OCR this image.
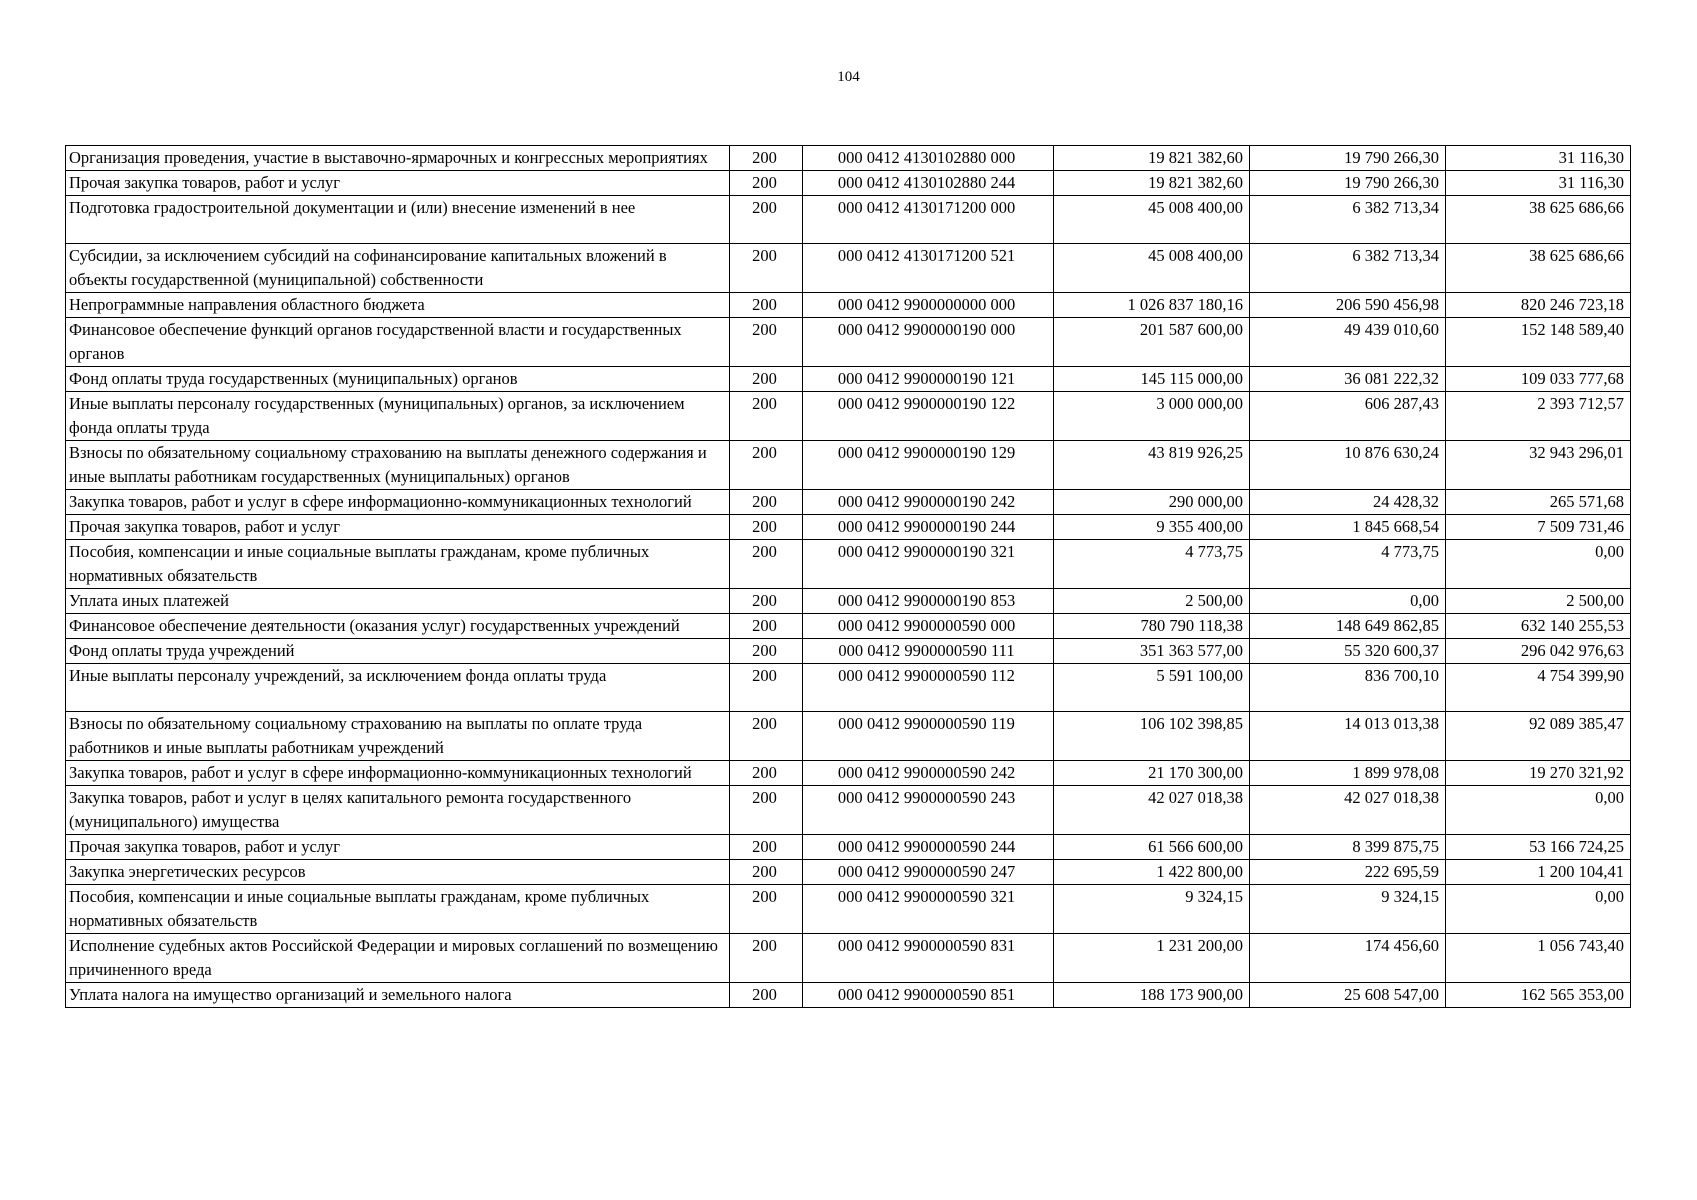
104
Организация проведения, участие в выставочно-ярмарочных и конгрессных мероприятиях	200	000 0412 4130102880 000	19 821 382,60	19 790 266,30	31 116,30
Прочая закупка товаров, работ и услуг	200	000 0412 4130102880 244	19 821 382,60	19 790 266,30	31 116,30
Подготовка градостроительной документации и (или) внесение изменений в нее	200	000 0412 4130171200 000	45 008 400,00	6 382 713,34	38 625 686,66
Субсидии, за исключением субсидий на софинансирование капитальных вложений в объекты государственной (муниципальной) собственности	200	000 0412 4130171200 521	45 008 400,00	6 382 713,34	38 625 686,66
Непрограммные направления областного бюджета	200	000 0412 9900000000 000	1 026 837 180,16	206 590 456,98	820 246 723,18
Финансовое обеспечение функций органов государственной власти и государственных органов	200	000 0412 9900000190 000	201 587 600,00	49 439 010,60	152 148 589,40
Фонд оплаты труда государственных (муниципальных) органов	200	000 0412 9900000190 121	145 115 000,00	36 081 222,32	109 033 777,68
Иные выплаты персоналу государственных (муниципальных) органов, за исключением фонда оплаты труда	200	000 0412 9900000190 122	3 000 000,00	606 287,43	2 393 712,57
Взносы по обязательному социальному страхованию на выплаты денежного содержания и иные выплаты работникам государственных (муниципальных) органов	200	000 0412 9900000190 129	43 819 926,25	10 876 630,24	32 943 296,01
Закупка товаров, работ и услуг в сфере информационно-коммуникационных технологий	200	000 0412 9900000190 242	290 000,00	24 428,32	265 571,68
Прочая закупка товаров, работ и услуг	200	000 0412 9900000190 244	9 355 400,00	1 845 668,54	7 509 731,46
Пособия, компенсации и иные социальные выплаты гражданам, кроме публичных нормативных обязательств	200	000 0412 9900000190 321	4 773,75	4 773,75	0,00
Уплата иных платежей	200	000 0412 9900000190 853	2 500,00	0,00	2 500,00
Финансовое обеспечение деятельности (оказания услуг) государственных учреждений	200	000 0412 9900000590 000	780 790 118,38	148 649 862,85	632 140 255,53
Фонд оплаты труда учреждений	200	000 0412 9900000590 111	351 363 577,00	55 320 600,37	296 042 976,63
Иные выплаты персоналу учреждений, за исключением фонда оплаты труда	200	000 0412 9900000590 112	5 591 100,00	836 700,10	4 754 399,90
Взносы по обязательному социальному страхованию на выплаты по оплате труда работников и иные выплаты работникам учреждений	200	000 0412 9900000590 119	106 102 398,85	14 013 013,38	92 089 385,47
Закупка товаров, работ и услуг в сфере информационно-коммуникационных технологий	200	000 0412 9900000590 242	21 170 300,00	1 899 978,08	19 270 321,92
Закупка товаров, работ и услуг в целях капитального ремонта государственного (муниципального) имущества	200	000 0412 9900000590 243	42 027 018,38	42 027 018,38	0,00
Прочая закупка товаров, работ и услуг	200	000 0412 9900000590 244	61 566 600,00	8 399 875,75	53 166 724,25
Закупка энергетических ресурсов	200	000 0412 9900000590 247	1 422 800,00	222 695,59	1 200 104,41
Пособия, компенсации и иные социальные выплаты гражданам, кроме публичных нормативных обязательств	200	000 0412 9900000590 321	9 324,15	9 324,15	0,00
Исполнение судебных актов Российской Федерации и мировых соглашений по возмещению причиненного вреда	200	000 0412 9900000590 831	1 231 200,00	174 456,60	1 056 743,40
Уплата налога на имущество организаций и земельного налога	200	000 0412 9900000590 851	188 173 900,00	25 608 547,00	162 565 353,00
